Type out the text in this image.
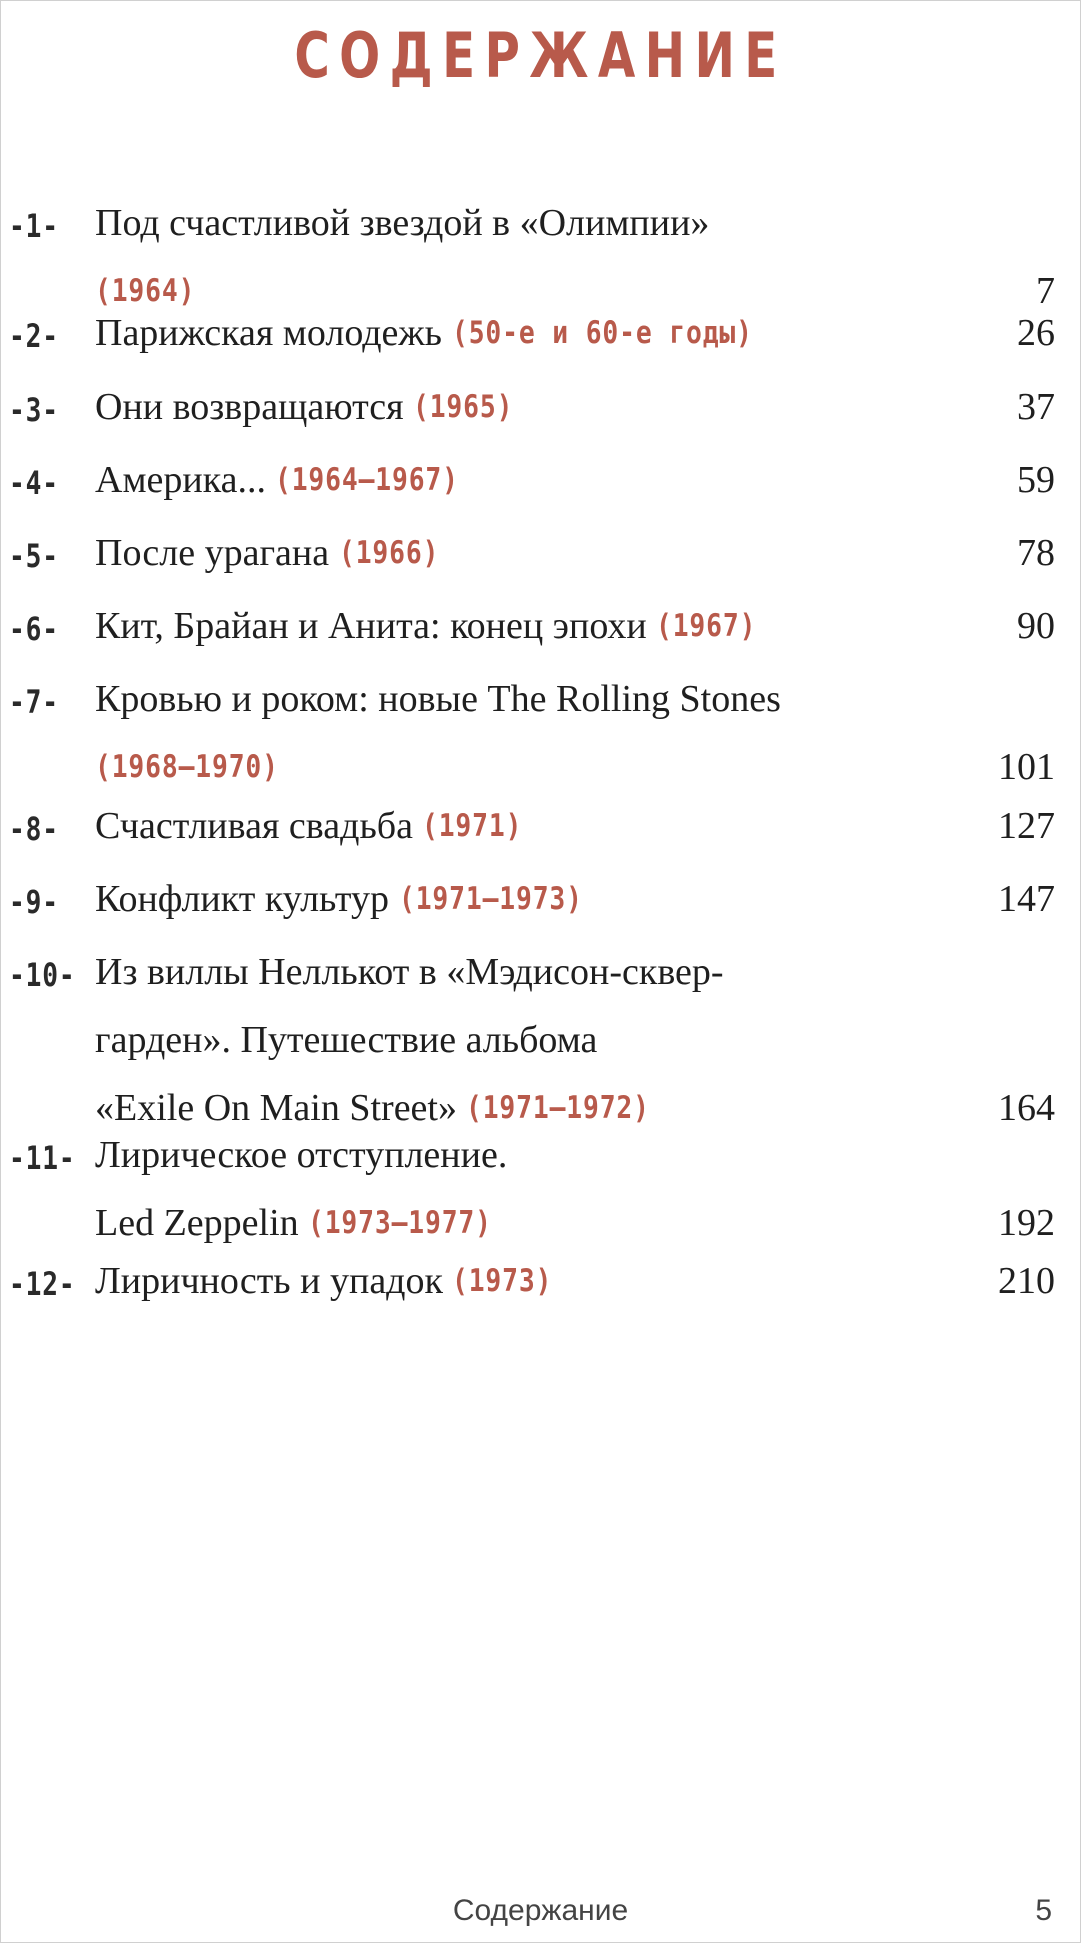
СОДЕРЖАНИЕ
-1- Под счастливой звездой в «Олимпии»
(1964)	7
-2- Парижская молодежь (50-е и 60-е годы)	26
-3- Они возвращаются (1965)	37
-4- Америка... (1964—1967)	59
-5- После урагана (1966)	78
-6- Кит, Брайан и Анита: конец эпохи (1967)	90
-7- Кровью и роком: новые The Rolling Stones
(1968—1970)	101
-8- Счастливая свадьба (1971)	127
-9- Конфликт культур (1971—1973)	147
-10- Из виллы Неллькот в «Мэдисон-сквер-
гарден». Путешествие альбома
«Exile On Main Street» (1971—1972)	164
-11- Лирическое отступление.
Led Zeppelin (1973—1977)	192
-12- Лиричность и упадок (1973)	210
Содержание	5
